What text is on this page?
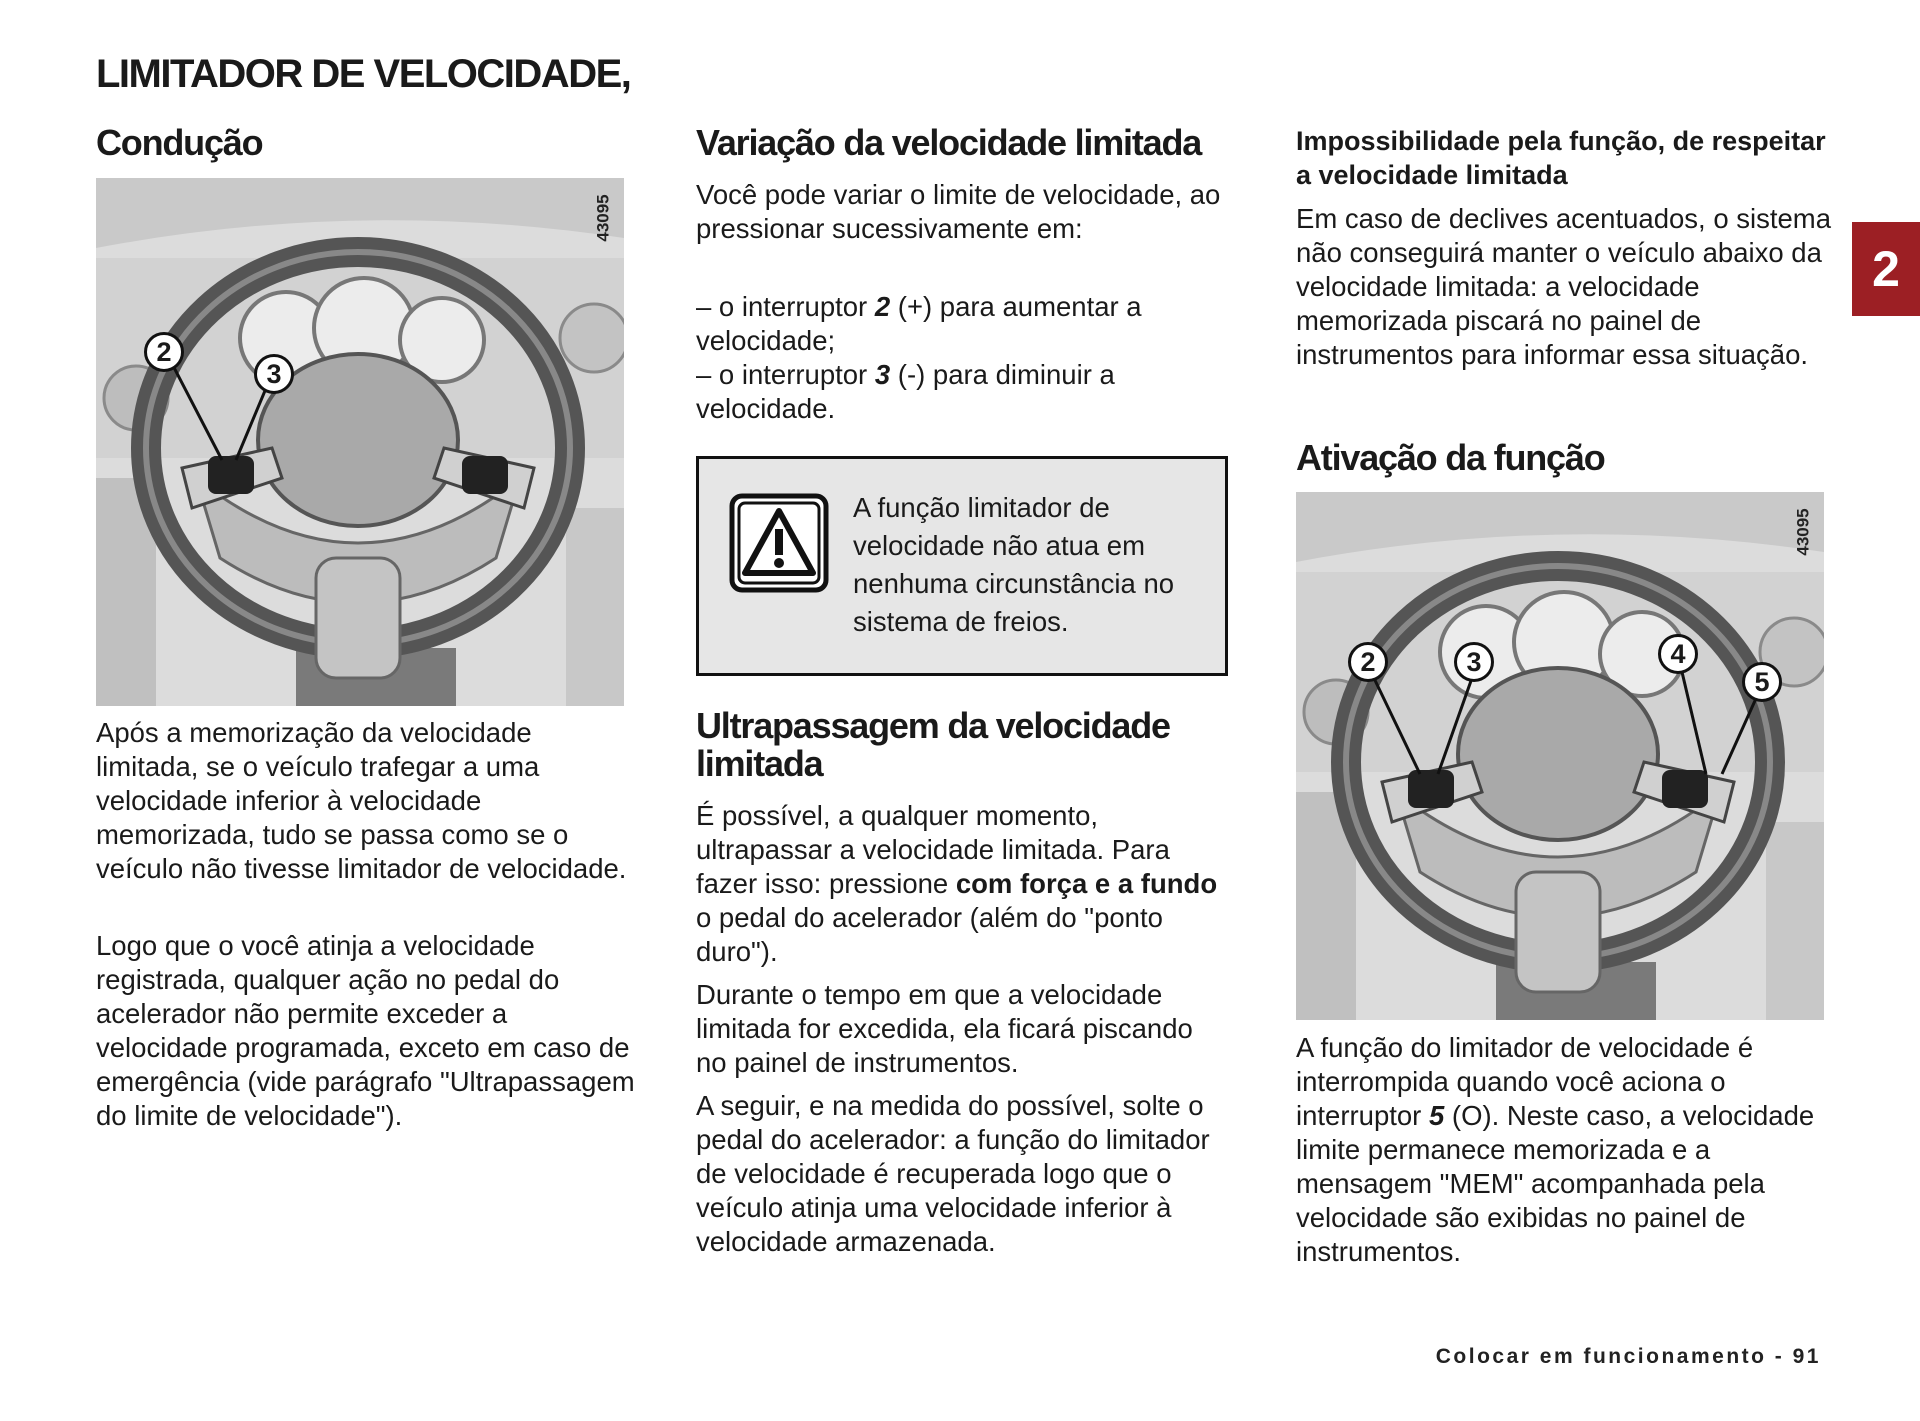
LIMITADOR DE VELOCIDADE,
Condução
2
3
43095

Após a memorização da velocidade limitada, se o veículo trafegar a uma velocidade inferior à velocidade memorizada, tudo se passa como se o veículo não tivesse limitador de velocidade.

Logo que o você atinja a velocidade registrada, qualquer ação no pedal do acelerador não permite exceder a velocidade programada, exceto em caso de emergência (vide parágrafo "Ultrapassagem do limite de velocidade").

Variação da velocidade limitada

Você pode variar o limite de velocidade, ao pressionar sucessivamente em:

– o interruptor 2 (+) para aumentar a velocidade;

– o interruptor 3 (-) para diminuir a velocidade.

A função limitador de velocidade não atua em nenhuma circunstância no sistema de freios.

Ultrapassagem da velocidade limitada

É possível, a qualquer momento, ultrapassar a velocidade limitada. Para fazer isso: pressione com força e a fundo o pedal do acelerador (além do "ponto duro").

Durante o tempo em que a velocidade limitada for excedida, ela ficará piscando no painel de instrumentos.

A seguir, e na medida do possível, solte o pedal do acelerador: a função do limitador de velocidade é recuperada logo que o veículo atinja uma velocidade inferior à velocidade armazenada.

Impossibilidade pela função, de respeitar a velocidade limitada

Em caso de declives acentuados, o sistema não conseguirá manter o veículo abaixo da velocidade limitada: a velocidade memorizada piscará no painel de instrumentos para informar essa situação.

Ativação da função
2	3	4
5
43095

A função do limitador de velocidade é interrompida quando você aciona o interruptor 5 (O). Neste caso, a velocidade limite permanece memorizada e a mensagem "MEM" acompanhada pela velocidade são exibidas no painel de instrumentos.

2
Colocar em funcionamento - 91
